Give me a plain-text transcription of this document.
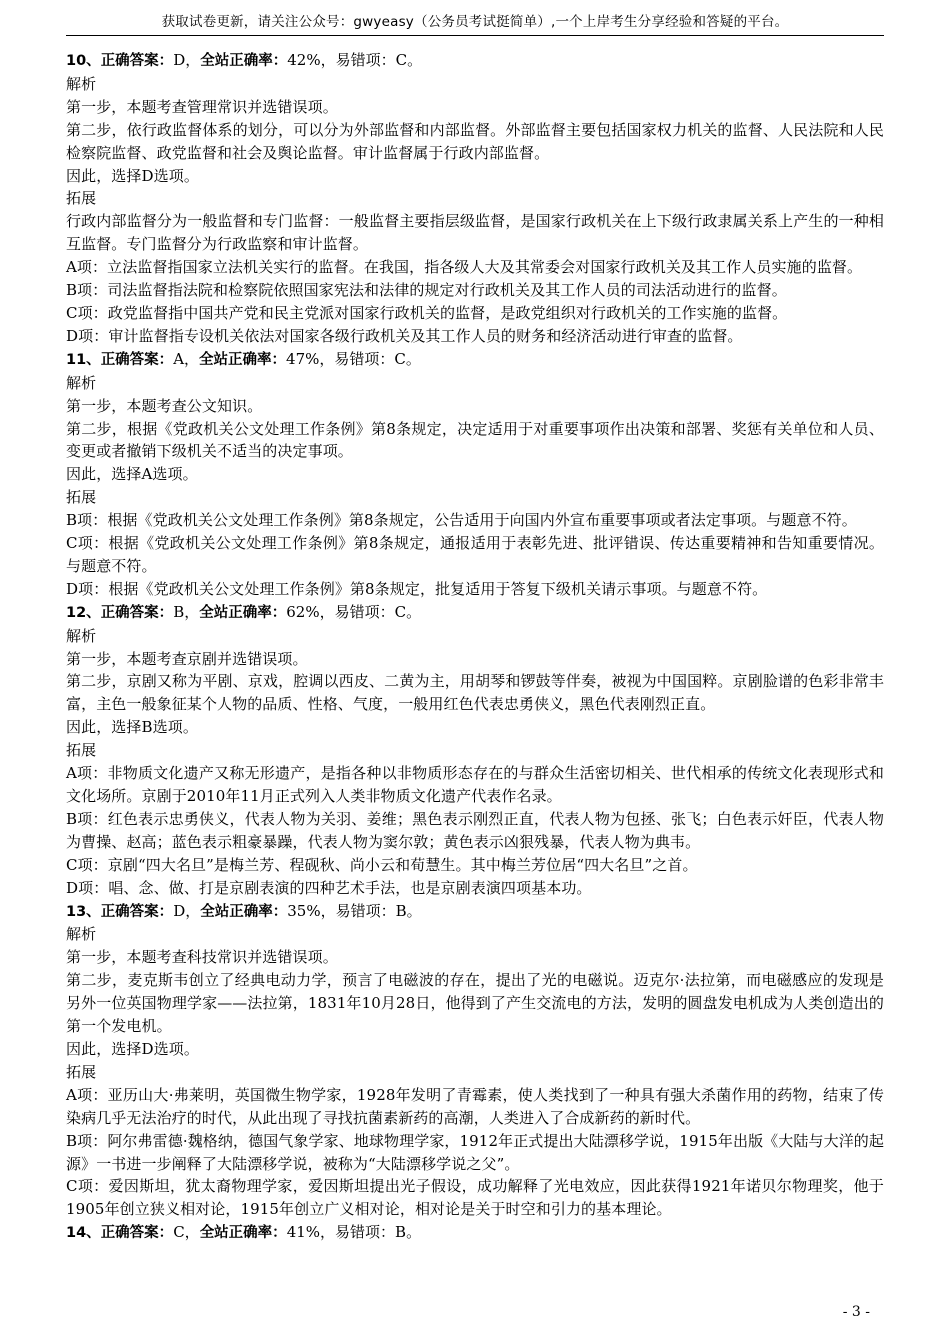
获取试卷更新，请关注公众号：gwyeasy（公务员考试挺简单）,一个上岸考生分享经验和答疑的平台。

10、正确答案：D，全站正确率：42%，易错项：C。

解析

第一步，本题考查管理常识并选错误项。

第二步，依行政监督体系的划分，可以分为外部监督和内部监督。外部监督主要包括国家权力机关的监督、人民法院和人民检察院监督、政党监督和社会及舆论监督。审计监督属于行政内部监督。

因此，选择D选项。

拓展

行政内部监督分为一般监督和专门监督：一般监督主要指层级监督，是国家行政机关在上下级行政隶属关系上产生的一种相互监督。专门监督分为行政监察和审计监督。

A项：立法监督指国家立法机关实行的监督。在我国，指各级人大及其常委会对国家行政机关及其工作人员实施的监督。

B项：司法监督指法院和检察院依照国家宪法和法律的规定对行政机关及其工作人员的司法活动进行的监督。

C项：政党监督指中国共产党和民主党派对国家行政机关的监督，是政党组织对行政机关的工作实施的监督。

D项：审计监督指专设机关依法对国家各级行政机关及其工作人员的财务和经济活动进行审查的监督。

11、正确答案：A，全站正确率：47%，易错项：C。

解析

第一步，本题考查公文知识。

第二步，根据《党政机关公文处理工作条例》第8条规定，决定适用于对重要事项作出决策和部署、奖惩有关单位和人员、变更或者撤销下级机关不适当的决定事项。

因此，选择A选项。

拓展

B项：根据《党政机关公文处理工作条例》第8条规定，公告适用于向国内外宣布重要事项或者法定事项。与题意不符。

C项：根据《党政机关公文处理工作条例》第8条规定，通报适用于表彰先进、批评错误、传达重要精神和告知重要情况。与题意不符。

D项：根据《党政机关公文处理工作条例》第8条规定，批复适用于答复下级机关请示事项。与题意不符。

12、正确答案：B，全站正确率：62%，易错项：C。

解析

第一步，本题考查京剧并选错误项。

第二步，京剧又称为平剧、京戏，腔调以西皮、二黄为主，用胡琴和锣鼓等伴奏，被视为中国国粹。京剧脸谱的色彩非常丰富，主色一般象征某个人物的品质、性格、气度，一般用红色代表忠勇侠义，黑色代表刚烈正直。

因此，选择B选项。

拓展

A项：非物质文化遗产又称无形遗产，是指各种以非物质形态存在的与群众生活密切相关、世代相承的传统文化表现形式和文化场所。京剧于2010年11月正式列入人类非物质文化遗产代表作名录。

B项：红色表示忠勇侠义，代表人物为关羽、姜维；黑色表示刚烈正直，代表人物为包拯、张飞；白色表示奸臣，代表人物为曹操、赵高；蓝色表示粗豪暴躁，代表人物为窦尔敦；黄色表示凶狠残暴，代表人物为典韦。

C项：京剧“四大名旦”是梅兰芳、程砚秋、尚小云和荀慧生。其中梅兰芳位居“四大名旦”之首。

D项：唱、念、做、打是京剧表演的四种艺术手法，也是京剧表演四项基本功。

13、正确答案：D，全站正确率：35%，易错项：B。

解析

第一步，本题考查科技常识并选错误项。

第二步，麦克斯韦创立了经典电动力学，预言了电磁波的存在，提出了光的电磁说。迈克尔·法拉第，而电磁感应的发现是另外一位英国物理学家——法拉第，1831年10月28日，他得到了产生交流电的方法，发明的圆盘发电机成为人类创造出的第一个发电机。

因此，选择D选项。

拓展

A项：亚历山大·弗莱明，英国微生物学家，1928年发明了青霉素，使人类找到了一种具有强大杀菌作用的药物，结束了传染病几乎无法治疗的时代，从此出现了寻找抗菌素新药的高潮，人类进入了合成新药的新时代。

B项：阿尔弗雷德·魏格纳，德国气象学家、地球物理学家，1912年正式提出大陆漂移学说，1915年出版《大陆与大洋的起源》一书进一步阐释了大陆漂移学说，被称为“大陆漂移学说之父”。

C项：爱因斯坦，犹太裔物理学家，爱因斯坦提出光子假设，成功解释了光电效应，因此获得1921年诺贝尔物理奖，他于1905年创立狭义相对论，1915年创立广义相对论，相对论是关于时空和引力的基本理论。

14、正确答案：C，全站正确率：41%，易错项：B。

- 3 -
